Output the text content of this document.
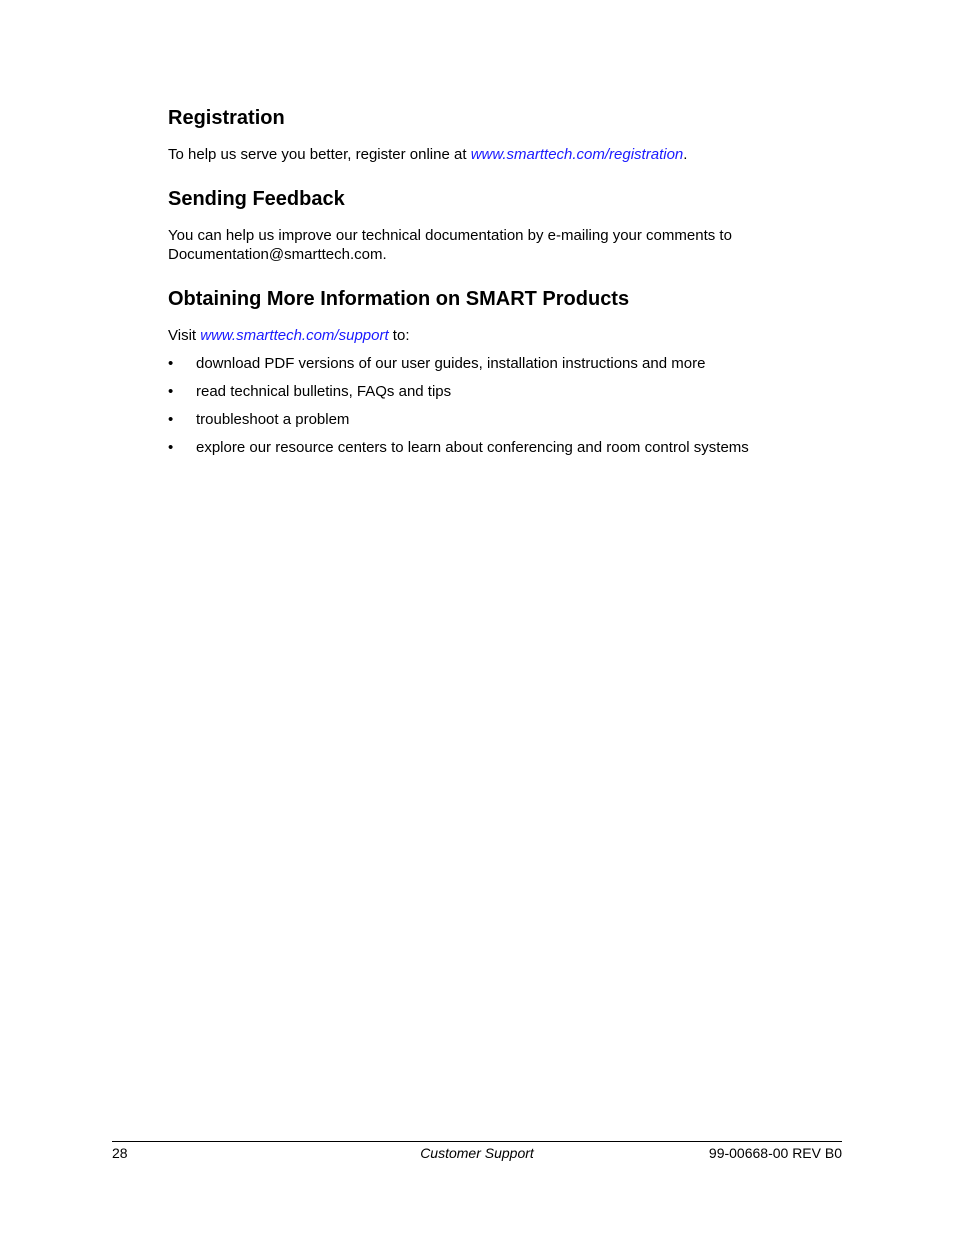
Registration

To help us serve you better, register online at www.smarttech.com/registration.

Sending Feedback

You can help us improve our technical documentation by e-mailing your comments to
Documentation@smarttech.com.

Obtaining More Information on SMART Products

Visit www.smarttech.com/support to:

• download PDF versions of our user guides, installation instructions and more
• read technical bulletins, FAQs and tips
• troubleshoot a problem
• explore our resource centers to learn about conferencing and room control systems
28	Customer Support	99-00668-00 REV B0
